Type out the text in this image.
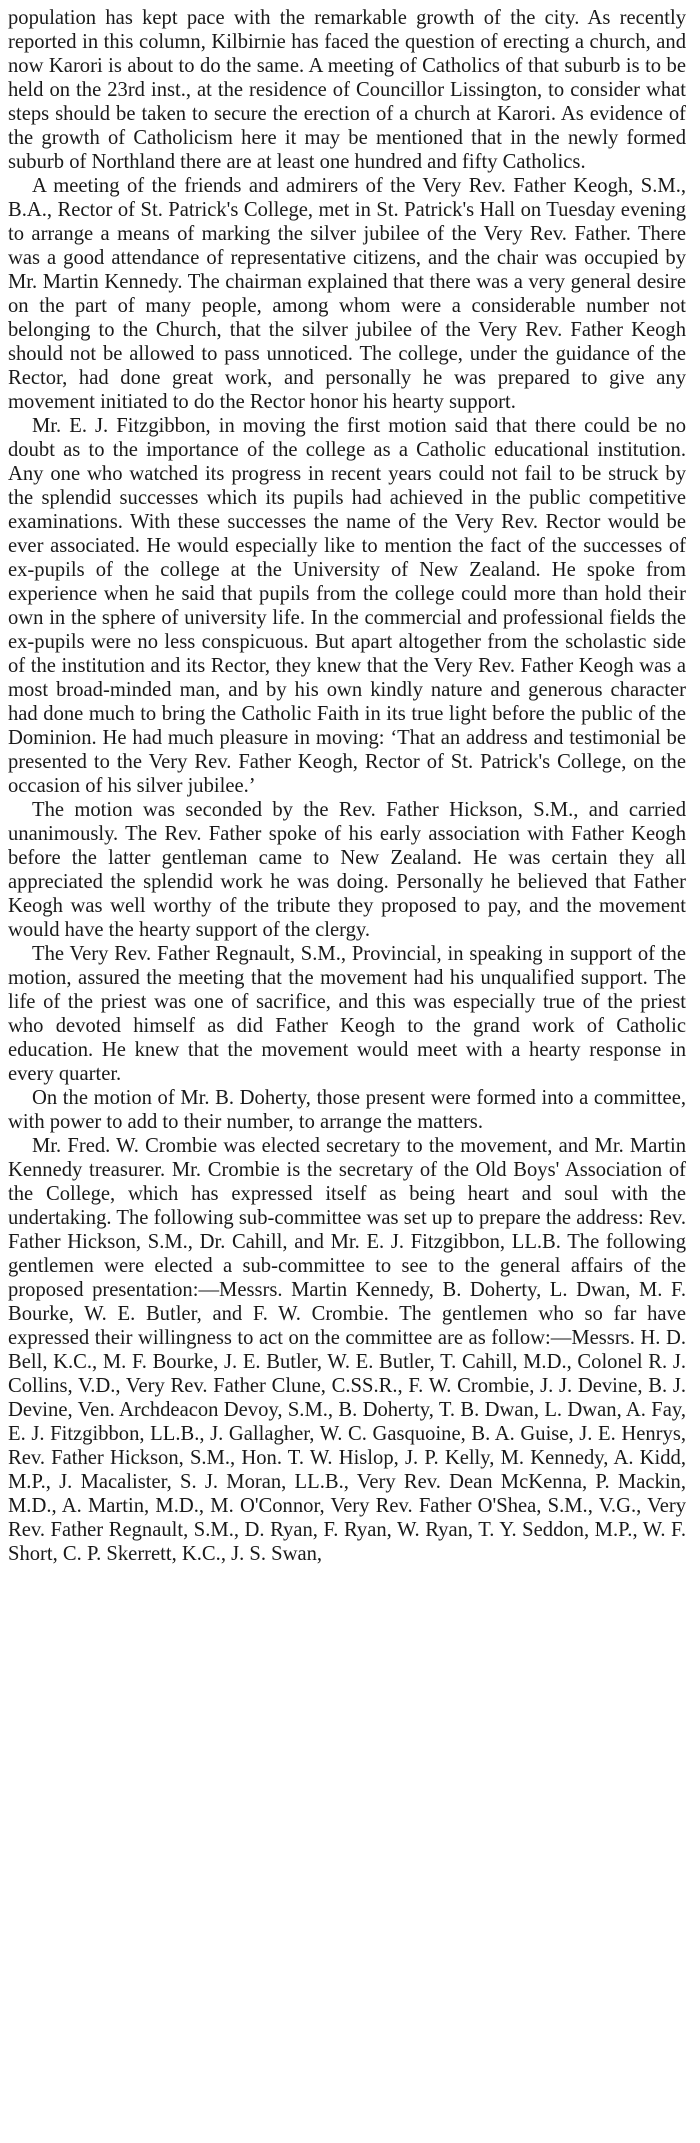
population has kept pace with the remarkable growth of the city. As recently reported in this column, Kilbirnie has faced the question of erecting a church, and now Karori is about to do the same. A meeting of Catholics of that suburb is to be held on the 23rd inst., at the residence of Councillor Lissington, to consider what steps should be taken to secure the erection of a church at Karori. As evidence of the growth of Catholicism here it may be mentioned that in the newly formed suburb of Northland there are at least one hundred and fifty Catholics.

A meeting of the friends and admirers of the Very Rev. Father Keogh, S.M., B.A., Rector of St. Patrick's College, met in St. Patrick's Hall on Tuesday evening to arrange a means of marking the silver jubilee of the Very Rev. Father. There was a good attendance of representative citizens, and the chair was occupied by Mr. Martin Kennedy. The chairman explained that there was a very general desire on the part of many people, among whom were a considerable number not belonging to the Church, that the silver jubilee of the Very Rev. Father Keogh should not be allowed to pass unnoticed. The college, under the guidance of the Rector, had done great work, and personally he was prepared to give any movement initiated to do the Rector honor his hearty support.

Mr. E. J. Fitzgibbon, in moving the first motion said that there could be no doubt as to the importance of the college as a Catholic educational institution. Any one who watched its progress in recent years could not fail to be struck by the splendid successes which its pupils had achieved in the public competitive examinations. With these successes the name of the Very Rev. Rector would be ever associated. He would especially like to mention the fact of the successes of ex-pupils of the college at the University of New Zealand. He spoke from experience when he said that pupils from the college could more than hold their own in the sphere of university life. In the commercial and professional fields the ex-pupils were no less conspicuous. But apart altogether from the scholastic side of the institution and its Rector, they knew that the Very Rev. Father Keogh was a most broad-minded man, and by his own kindly nature and generous character had done much to bring the Catholic Faith in its true light before the public of the Dominion. He had much pleasure in moving: ‘That an address and testimonial be presented to the Very Rev. Father Keogh, Rector of St. Patrick's College, on the occasion of his silver jubilee.’

The motion was seconded by the Rev. Father Hickson, S.M., and carried unanimously. The Rev. Father spoke of his early association with Father Keogh before the latter gentleman came to New Zealand. He was certain they all appreciated the splendid work he was doing. Personally he believed that Father Keogh was well worthy of the tribute they proposed to pay, and the movement would have the hearty support of the clergy.

The Very Rev. Father Regnault, S.M., Provincial, in speaking in support of the motion, assured the meeting that the movement had his unqualified support. The life of the priest was one of sacrifice, and this was especially true of the priest who devoted himself as did Father Keogh to the grand work of Catholic education. He knew that the movement would meet with a hearty response in every quarter.

On the motion of Mr. B. Doherty, those present were formed into a committee, with power to add to their number, to arrange the matters.

Mr. Fred. W. Crombie was elected secretary to the movement, and Mr. Martin Kennedy treasurer. Mr. Crombie is the secretary of the Old Boys' Association of the College, which has expressed itself as being heart and soul with the undertaking. The following sub-committee was set up to prepare the address: Rev. Father Hickson, S.M., Dr. Cahill, and Mr. E. J. Fitzgibbon, LL.B. The following gentlemen were elected a sub-committee to see to the general affairs of the proposed presentation:—Messrs. Martin Kennedy, B. Doherty, L. Dwan, M. F. Bourke, W. E. Butler, and F. W. Crombie. The gentlemen who so far have expressed their willingness to act on the committee are as follow:—Messrs. H. D. Bell, K.C., M. F. Bourke, J. E. Butler, W. E. Butler, T. Cahill, M.D., Colonel R. J. Collins, V.D., Very Rev. Father Clune, C.SS.R., F. W. Crombie, J. J. Devine, B. J. Devine, Ven. Archdeacon Devoy, S.M., B. Doherty, T. B. Dwan, L. Dwan, A. Fay, E. J. Fitzgibbon, LL.B., J. Gallagher, W. C. Gasquoine, B. A. Guise, J. E. Henrys, Rev. Father Hickson, S.M., Hon. T. W. Hislop, J. P. Kelly, M. Kennedy, A. Kidd, M.P., J. Macalister, S. J. Moran, LL.B., Very Rev. Dean McKenna, P. Mackin, M.D., A. Martin, M.D., M. O'Connor, Very Rev. Father O'Shea, S.M., V.G., Very Rev. Father Regnault, S.M., D. Ryan, F. Ryan, W. Ryan, T. Y. Seddon, M.P., W. F. Short, C. P. Skerrett, K.C., J. S. Swan,
